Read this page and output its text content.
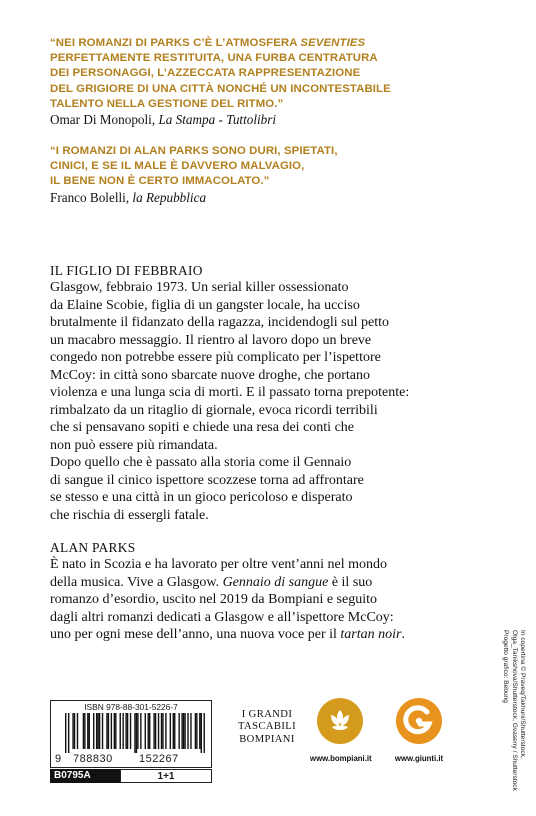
“NEI ROMANZI DI PARKS C’È L’ATMOSFERA SEVENTIES
PERFETTAMENTE RESTITUITA, UNA FURBA CENTRATURA
DEI PERSONAGGI, L’AZZECCATA RAPPRESENTAZIONE
DEL GRIGIORE DI UNA CITTÀ NONCHÉ UN INCONTESTABILE
TALENTO NELLA GESTIONE DEL RITMO.”
Omar Di Monopoli, La Stampa - Tuttolibri
“I ROMANZI DI ALAN PARKS SONO DURI, SPIETATI,
CINICI, E SE IL MALE È DAVVERO MALVAGIO,
IL BENE NON È CERTO IMMACOLATO.”
Franco Bolelli, la Repubblica
IL FIGLIO DI FEBBRAIO
Glasgow, febbraio 1973. Un serial killer ossessionato
da Elaine Scobie, figlia di un gangster locale, ha ucciso
brutalmente il fidanzato della ragazza, incidendogli sul petto
un macabro messaggio. Il rientro al lavoro dopo un breve
congedo non potrebbe essere più complicato per l’ispettore
McCoy: in città sono sbarcate nuove droghe, che portano
violenza e una lunga scia di morti. E il passato torna prepotente:
rimbalzato da un ritaglio di giornale, evoca ricordi terribili
che si pensavano sopiti e chiede una resa dei conti che
non può essere più rimandata.
Dopo quello che è passato alla storia come il Gennaio
di sangue il cinico ispettore scozzese torna ad affrontare
se stesso e una città in un gioco pericoloso e disperato
che rischia di essergli fatale.
ALAN PARKS
È nato in Scozia e ha lavorato per oltre vent’anni nel mondo
della musica. Vive a Glasgow. Gennaio di sangue è il suo
romanzo d’esordio, uscito nel 2019 da Bompiani e seguito
dagli altri romanzi dedicati a Glasgow e all’ispettore McCoy:
uno per ogni mese dell’anno, una nuova voce per il tartan noir.
ISBN 978-88-301-5226-7
9 788830 152267
B0795A	1+1
I GRANDI
TASCABILI
BOMPIANI
www.bompiani.it	www.giunti.it	In copertina © Praveq/Takhuni/Shutterstock,
Olga_Tanikshova/Shutterstock, Gvaseny / Shutterstock
Progetto grafico: Bebung
